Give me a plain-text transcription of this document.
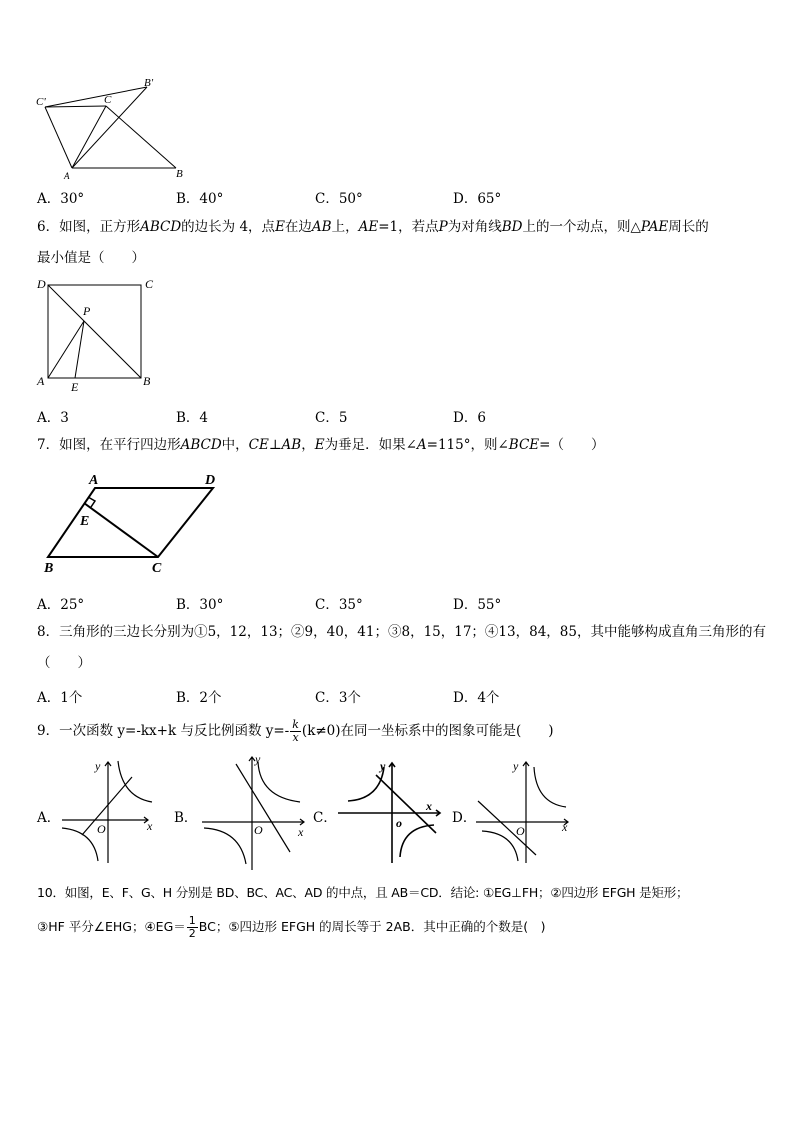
C'	C
B'
A	B
A．30°	B．40°	C．50°	D．65°
6．如图，正方形ABCD的边长为 4，点E在边AB上，AE=1，若点P为对角线BD上的一个动点，则△PAE周长的
最小值是（　　）
D	C
P
A E	B
A．3	B．4	C．5	D．6
7．如图，在平行四边形ABCD中，CE⊥AB，E为垂足．如果∠A=115°，则∠BCE=（　　）
A	D
E
B	C
A．25°	B．30°	C．35°	D．55°
8．三角形的三边长分别为①5，12，13；②9，40，41；③8，15，17；④13，84，85，其中能够构成直角三角形的有
（　　）
A．1个	B．2个	C．3个	D．4个
9．一次函数 y=-kx+k 与反比例函数 $y=- \frac{k}{x} (k\ne 0)$在同一坐标系中的图象可能是(　　)
A．	B．	C．	D．
y
x
O
y
x
O
y
x
o
y
x
O
10．如图，E、F、G、H 分别是 BD、BC、AC、AD 的中点，且 AB＝CD．结论: ①EG⊥FH；②四边形 EFGH 是矩形；
③HF 平分∠EHG；④EG＝ $\frac{1}{2}$ BC；⑤四边形 EFGH 的周长等于 2AB．其中正确的个数是(　)
